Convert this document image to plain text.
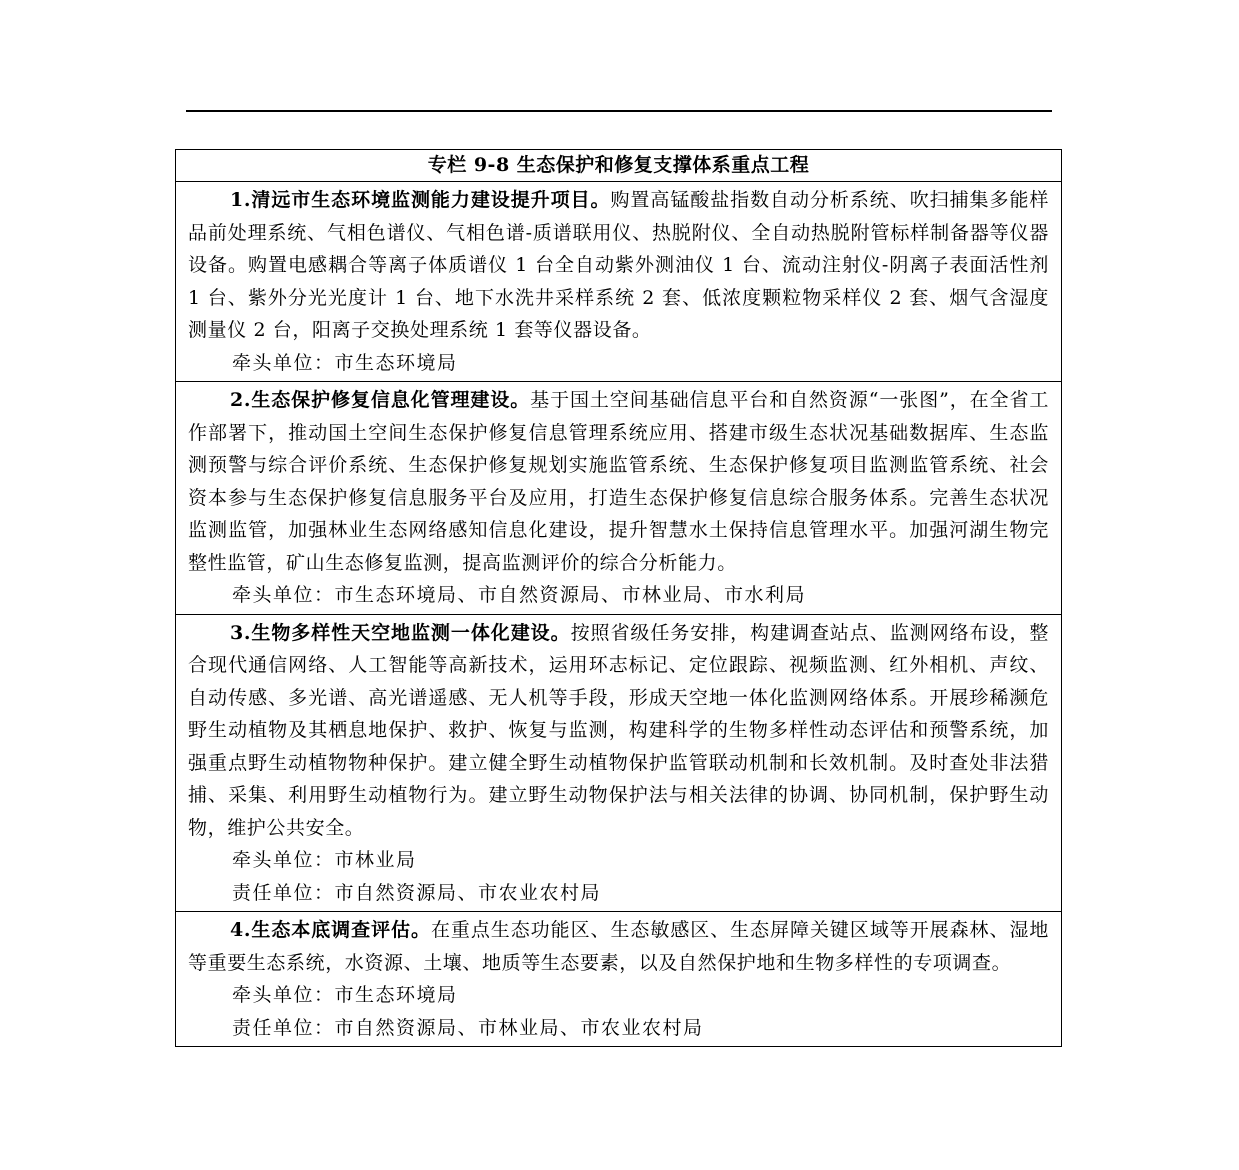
专栏 9-8 生态保护和修复支撑体系重点工程

1.清远市生态环境监测能力建设提升项目。购置高锰酸盐指数自动分析系统、吹扫捕集多能样品前处理系统、气相色谱仪、气相色谱-质谱联用仪、热脱附仪、全自动热脱附管标样制备器等仪器设备。购置电感耦合等离子体质谱仪 1 台全自动紫外测油仪 1 台、流动注射仪-阴离子表面活性剂 1 台、紫外分光光度计 1 台、地下水洗井采样系统 2 套、低浓度颗粒物采样仪 2 套、烟气含湿度测量仪 2 台，阳离子交换处理系统 1 套等仪器设备。

牵头单位：市生态环境局

2.生态保护修复信息化管理建设。基于国土空间基础信息平台和自然资源“一张图”，在全省工作部署下，推动国土空间生态保护修复信息管理系统应用、搭建市级生态状况基础数据库、生态监测预警与综合评价系统、生态保护修复规划实施监管系统、生态保护修复项目监测监管系统、社会资本参与生态保护修复信息服务平台及应用，打造生态保护修复信息综合服务体系。完善生态状况监测监管，加强林业生态网络感知信息化建设，提升智慧水土保持信息管理水平。加强河湖生物完整性监管，矿山生态修复监测，提高监测评价的综合分析能力。

牵头单位：市生态环境局、市自然资源局、市林业局、市水利局

3.生物多样性天空地监测一体化建设。按照省级任务安排，构建调查站点、监测网络布设，整合现代通信网络、人工智能等高新技术，运用环志标记、定位跟踪、视频监测、红外相机、声纹、自动传感、多光谱、高光谱遥感、无人机等手段，形成天空地一体化监测网络体系。开展珍稀濒危野生动植物及其栖息地保护、救护、恢复与监测，构建科学的生物多样性动态评估和预警系统，加强重点野生动植物物种保护。建立健全野生动植物保护监管联动机制和长效机制。及时查处非法猎捕、采集、利用野生动植物行为。建立野生动物保护法与相关法律的协调、协同机制，保护野生动物，维护公共安全。

牵头单位：市林业局

责任单位：市自然资源局、市农业农村局

4.生态本底调查评估。在重点生态功能区、生态敏感区、生态屏障关键区域等开展森林、湿地等重要生态系统，水资源、土壤、地质等生态要素，以及自然保护地和生物多样性的专项调查。

牵头单位：市生态环境局

责任单位：市自然资源局、市林业局、市农业农村局
